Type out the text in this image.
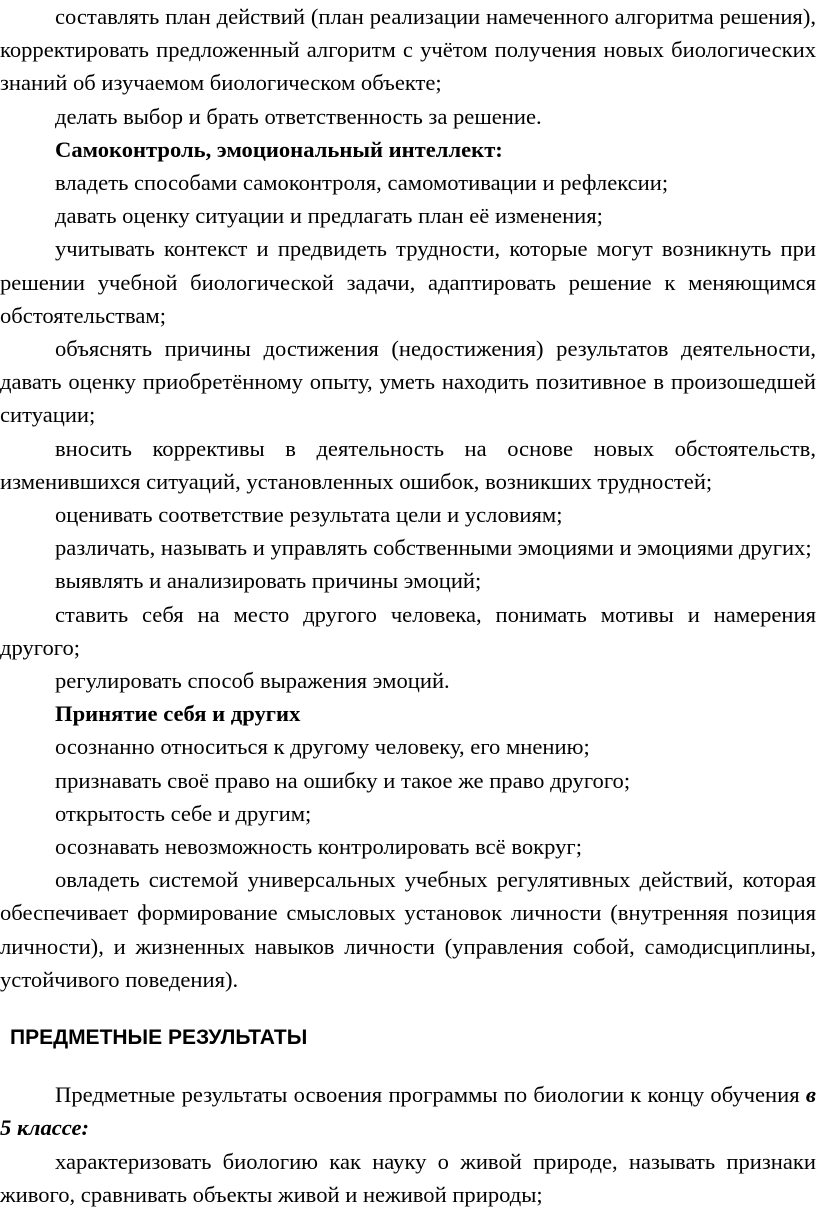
составлять план действий (план реализации намеченного алгоритма решения), корректировать предложенный алгоритм с учётом получения новых биологических знаний об изучаемом биологическом объекте;

делать выбор и брать ответственность за решение.

Самоконтроль, эмоциональный интеллект:

владеть способами самоконтроля, самомотивации и рефлексии;

давать оценку ситуации и предлагать план её изменения;

учитывать контекст и предвидеть трудности, которые могут возникнуть при решении учебной биологической задачи, адаптировать решение к меняющимся обстоятельствам;

объяснять причины достижения (недостижения) результатов деятельности, давать оценку приобретённому опыту, уметь находить позитивное в произошедшей ситуации;

вносить коррективы в деятельность на основе новых обстоятельств, изменившихся ситуаций, установленных ошибок, возникших трудностей;

оценивать соответствие результата цели и условиям;

различать, называть и управлять собственными эмоциями и эмоциями других;

выявлять и анализировать причины эмоций;

ставить себя на место другого человека, понимать мотивы и намерения другого;

регулировать способ выражения эмоций.

Принятие себя и других

осознанно относиться к другому человеку, его мнению;

признавать своё право на ошибку и такое же право другого;

открытость себе и другим;

осознавать невозможность контролировать всё вокруг;

овладеть системой универсальных учебных регулятивных действий, которая обеспечивает формирование смысловых установок личности (внутренняя позиция личности), и жизненных навыков личности (управления собой, самодисциплины, устойчивого поведения).

ПРЕДМЕТНЫЕ РЕЗУЛЬТАТЫ

Предметные результаты освоения программы по биологии к концу обучения в 5 классе:

характеризовать биологию как науку о живой природе, называть признаки живого, сравнивать объекты живой и неживой природы;
